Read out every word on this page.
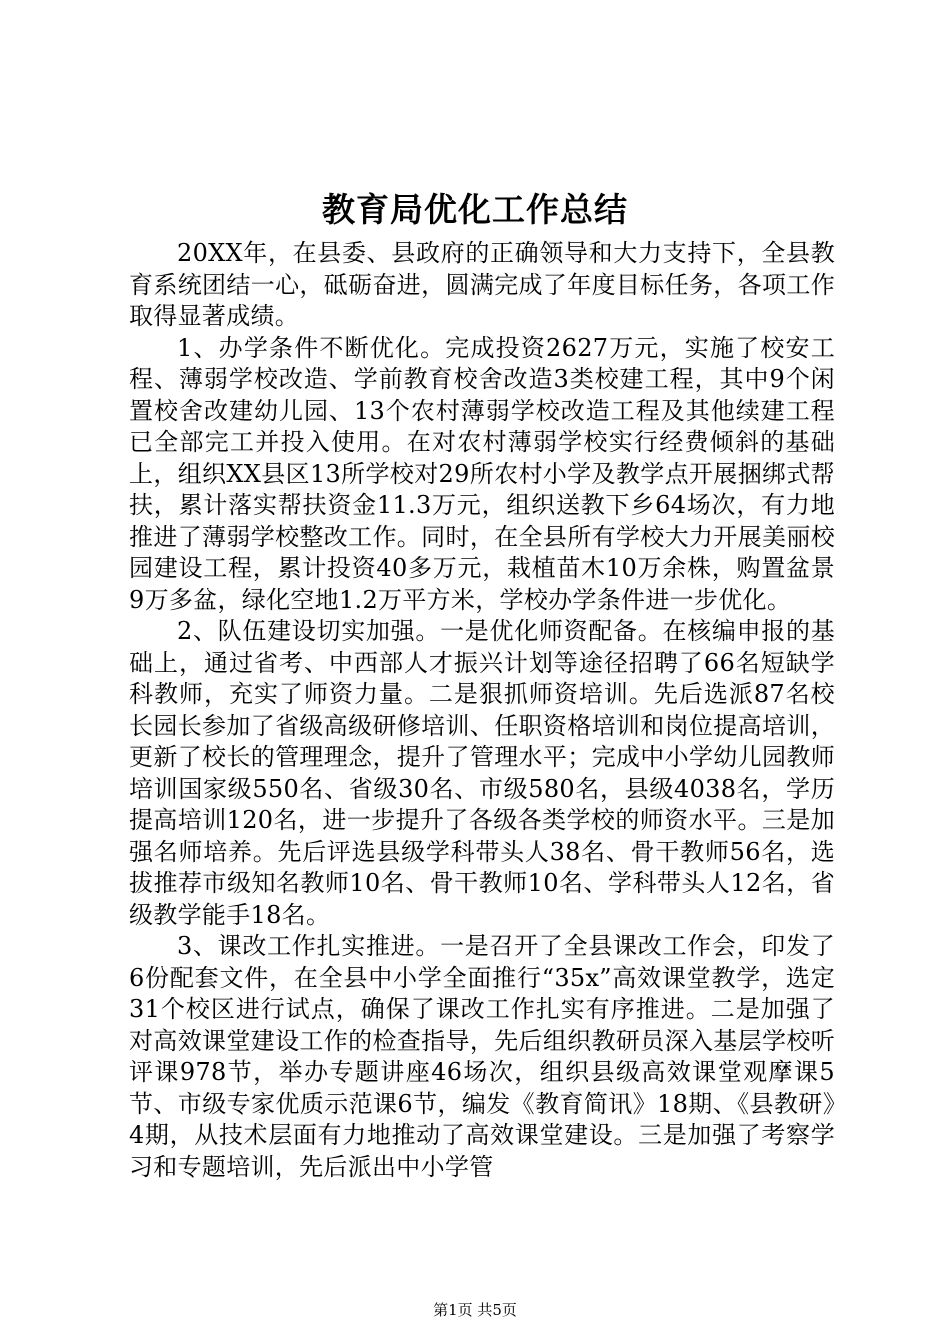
教育局优化工作总结

20XX年，在县委、县政府的正确领导和大力支持下，全县教育系统团结一心，砥砺奋进，圆满完成了年度目标任务，各项工作取得显著成绩。

1、办学条件不断优化。完成投资2627万元，实施了校安工程、薄弱学校改造、学前教育校舍改造3类校建工程，其中9个闲置校舍改建幼儿园、13个农村薄弱学校改造工程及其他续建工程已全部完工并投入使用。在对农村薄弱学校实行经费倾斜的基础上，组织XX县区13所学校对29所农村小学及教学点开展捆绑式帮扶，累计落实帮扶资金11.3万元，组织送教下乡64场次，有力地推进了薄弱学校整改工作。同时，在全县所有学校大力开展美丽校园建设工程，累计投资40多万元，栽植苗木10万余株，购置盆景9万多盆，绿化空地1.2万平方米，学校办学条件进一步优化。

2、队伍建设切实加强。一是优化师资配备。在核编申报的基础上，通过省考、中西部人才振兴计划等途径招聘了66名短缺学科教师，充实了师资力量。二是狠抓师资培训。先后选派87名校长园长参加了省级高级研修培训、任职资格培训和岗位提高培训，更新了校长的管理理念，提升了管理水平；完成中小学幼儿园教师培训国家级550名、省级30名、市级580名，县级4038名，学历提高培训120名，进一步提升了各级各类学校的师资水平。三是加强名师培养。先后评选县级学科带头人38名、骨干教师56名，选拔推荐市级知名教师10名、骨干教师10名、学科带头人12名，省级教学能手18名。

3、课改工作扎实推进。一是召开了全县课改工作会，印发了6份配套文件，在全县中小学全面推行“35x”高效课堂教学，选定31个校区进行试点，确保了课改工作扎实有序推进。二是加强了对高效课堂建设工作的检查指导，先后组织教研员深入基层学校听评课978节，举办专题讲座46场次，组织县级高效课堂观摩课5节、市级专家优质示范课6节，编发《教育简讯》18期、《县教研》4期，从技术层面有力地推动了高效课堂建设。三是加强了考察学习和专题培训，先后派出中小学管

第1页 共5页
